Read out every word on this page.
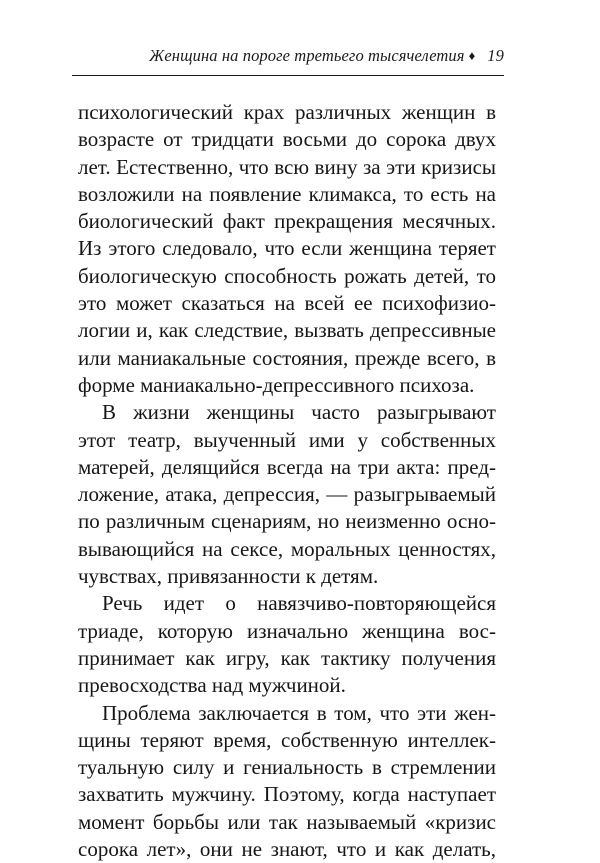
Женщина на пороге третьего тысячелетия ♦ 19
психологический крах различных женщин в
возрасте от тридцати восьми до сорока двух
лет. Естественно, что всю вину за эти кризисы
возложили на появление климакса, то есть на
биологический факт прекращения месячных.
Из этого следовало, что если женщина теряет
биологическую способность рожать детей, то
это может сказаться на всей ее психофизио-
логии и, как следствие, вызвать депрессивные
или маниакальные состояния, прежде всего, в
форме маниакально-депрессивного психоза.
В жизни женщины часто разыгрывают
этот театр, выученный ими у собственных
матерей, делящийся всегда на три акта: пред-
ложение, атака, депрессия, — разыгрываемый
по различным сценариям, но неизменно осно-
вывающийся на сексе, моральных ценностях,
чувствах, привязанности к детям.
Речь идет о навязчиво-повторяющейся
триаде, которую изначально женщина вос-
принимает как игру, как тактику получения
превосходства над мужчиной.
Проблема заключается в том, что эти жен-
щины теряют время, собственную интеллек-
туальную силу и гениальность в стремлении
захватить мужчину. Поэтому, когда наступает
момент борьбы или так называемый «кризис
сорока лет», они не знают, что и как делать,
